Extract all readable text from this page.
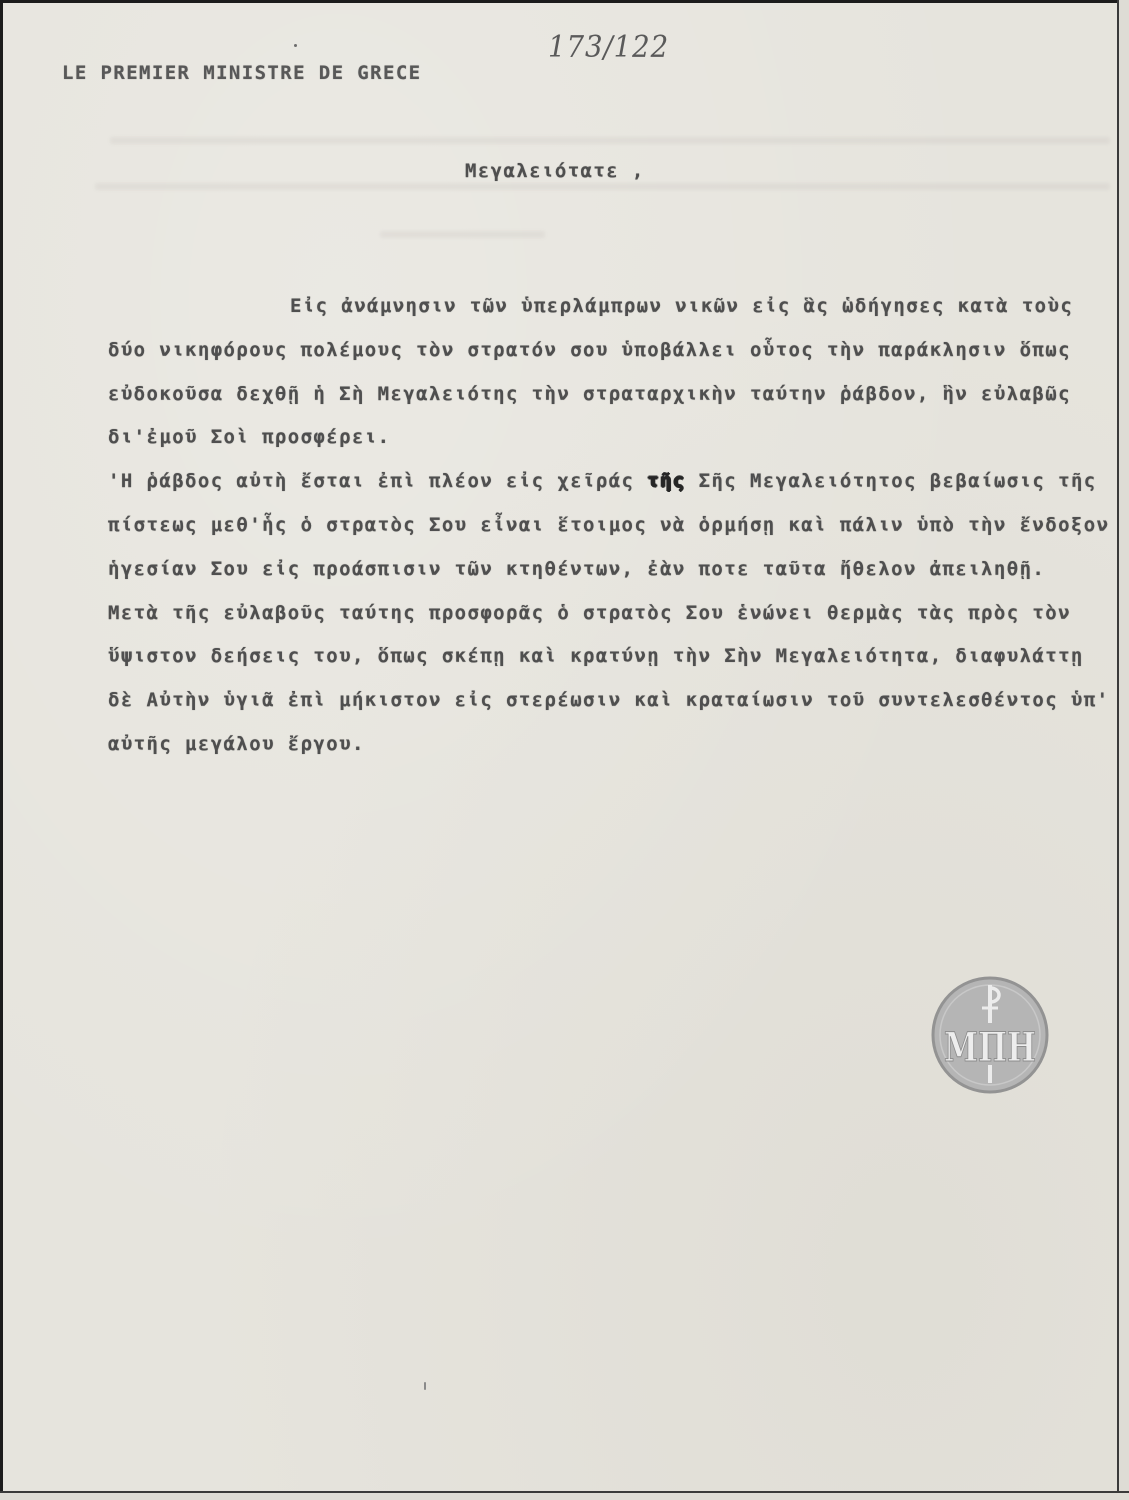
LE PREMIER MINISTRE DE GRECE
173/122
Μεγαλειότατε ,
Εἰς ἀνάμνησιν τῶν ὑπερλάμπρων νικῶν εἰς ἃς ὡδήγησες κατὰ τοὺς
δύο νικηφόρους πολέμους τὸν στρατόν σου ὑποβάλλει οὗτος τὴν παράκλησιν ὅπως
εὐδοκοῦσα δεχθῇ ἡ Σὴ Μεγαλειότης τὴν στραταρχικὴν ταύτην ῥάβδον, ἣν εὐλαβῶς
δι'ἐμοῦ Σοὶ προσφέρει.
'Η ῥάβδος αὐτὴ ἔσται ἐπὶ πλέον εἰς χεῖράς τῆς Σῆς Μεγαλειότητος βεβαίωσις τῆς
πίστεως μεθ'ἧς ὁ στρατὸς Σου εἶναι ἕτοιμος νὰ ὁρμήσῃ καὶ πάλιν ὑπὸ τὴν ἔνδοξον
ἡγεσίαν Σου εἰς προάσπισιν τῶν κτηθέντων, ἐὰν ποτε ταῦτα ἤθελον ἀπειληθῇ.
Μετὰ τῆς εὐλαβοῦς ταύτης προσφορᾶς ὁ στρατὸς Σου ἑνώνει θερμὰς τὰς πρὸς τὸν
ὕψιστον δεήσεις του, ὅπως σκέπῃ καὶ κρατύνῃ τὴν Σὴν Μεγαλειότητα, διαφυλάττῃ
δὲ Αὐτὴν ὑγιᾶ ἐπὶ μήκιστον εἰς στερέωσιν καὶ κραταίωσιν τοῦ συντελεσθέντος ὑπ'
αὐτῆς μεγάλου ἔργου.
ΜΠΗ
